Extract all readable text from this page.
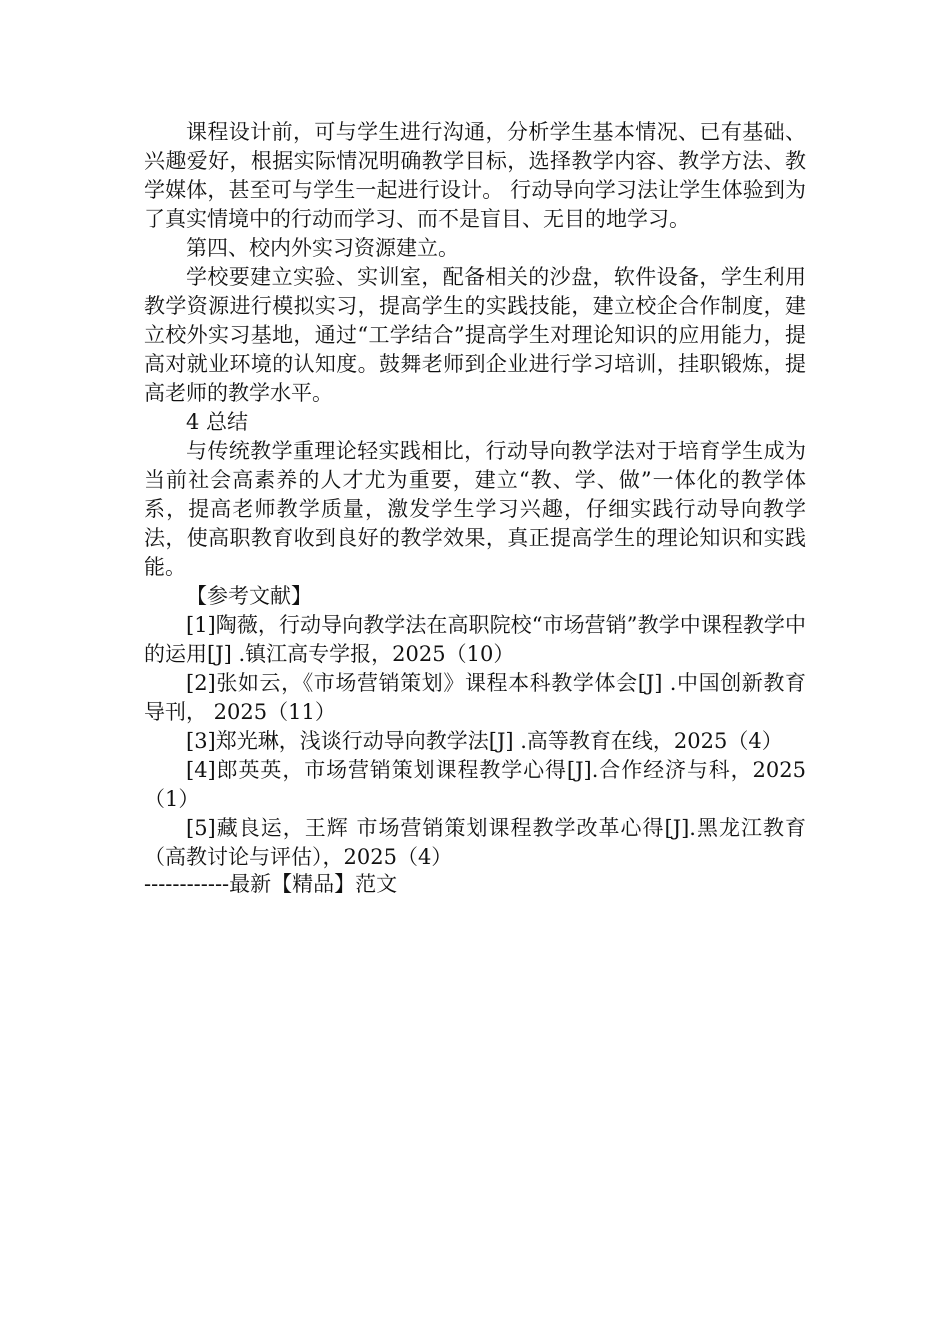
课程设计前，可与学生进行沟通，分析学生基本情况、已有基础、兴趣爱好，根据实际情况明确教学目标，选择教学内容、教学方法、教学媒体，甚至可与学生一起进行设计。 行动导向学习法让学生体验到为了真实情境中的行动而学习、而不是盲目、无目的地学习。

第四、校内外实习资源建立。

学校要建立实验、实训室，配备相关的沙盘，软件设备，学生利用教学资源进行模拟实习，提高学生的实践技能，建立校企合作制度，建立校外实习基地，通过“工学结合”提高学生对理论知识的应用能力，提高对就业环境的认知度。鼓舞老师到企业进行学习培训，挂职锻炼，提高老师的教学水平。

4 总结

与传统教学重理论轻实践相比，行动导向教学法对于培育学生成为当前社会高素养的人才尤为重要，建立“教、学、做”一体化的教学体系，提高老师教学质量，激发学生学习兴趣，仔细实践行动导向教学法，使高职教育收到良好的教学效果，真正提高学生的理论知识和实践能。

【参考文献】

[1]陶薇，行动导向教学法在高职院校“市场营销”教学中课程教学中的运用[J] .镇江高专学报，2025（10）

[2]张如云，《市场营销策划》课程本科教学体会[J] .中国创新教育导刊， 2025（11）

[3]郑光琳，浅谈行动导向教学法[J] .高等教育在线，2025（4）

[4]郎英英，市场营销策划课程教学心得[J].合作经济与科，2025（1）

[5]藏良运，王辉 市场营销策划课程教学改革心得[J].黑龙江教育（高教讨论与评估），2025（4）

------------最新【精品】范文
